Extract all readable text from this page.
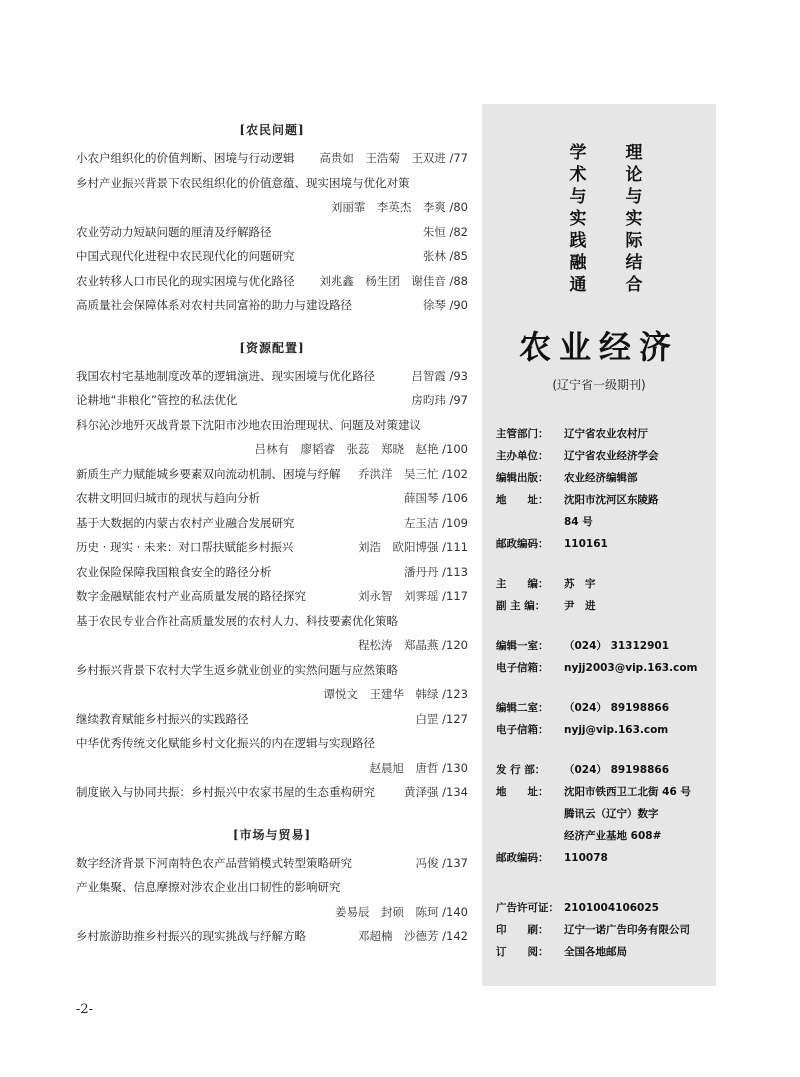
[农民问题]
小农户组织化的价值判断、困境与行动逻辑	高贵如　王浩菊　王双进 /77
乡村产业振兴背景下农民组织化的价值意蕴、现实困境与优化对策
刘丽霏　李英杰　李爽 /80
农业劳动力短缺问题的厘清及纾解路径	朱恒 /82
中国式现代化进程中农民现代化的问题研究	张林 /85
农业转移人口市民化的现实困境与优化路径	刘兆鑫　杨生团　谢佳音 /88
高质量社会保障体系对农村共同富裕的助力与建设路径	徐琴 /90
[资源配置]
我国农村宅基地制度改革的逻辑演进、现实困境与优化路径	吕智霞 /93
论耕地“非粮化”管控的私法优化	房昀玮 /97
科尔沁沙地歼灭战背景下沈阳市沙地农田治理现状、问题及对策建议
吕林有　廖韬睿　张蕊　郑晓　赵艳 /100
新质生产力赋能城乡要素双向流动机制、困境与纾解	乔洪洋　吴三忙 /102
农耕文明回归城市的现状与趋向分析	薛国琴 /106
基于大数据的内蒙古农村产业融合发展研究	左玉洁 /109
历史 · 现实 · 未来：对口帮扶赋能乡村振兴	刘浩　欧阳博强 /111
农业保险保障我国粮食安全的路径分析	潘丹丹 /113
数字金融赋能农村产业高质量发展的路径探究	刘永智　刘霁瑶 /117
基于农民专业合作社高质量发展的农村人力、科技要素优化策略
程松涛　郑晶燕 /120
乡村振兴背景下农村大学生返乡就业创业的实然问题与应然策略
谭悦文　王建华　韩绿 /123
继续教育赋能乡村振兴的实践路径	白罡 /127
中华优秀传统文化赋能乡村文化振兴的内在逻辑与实现路径
赵晨旭　唐哲 /130
制度嵌入与协同共振：乡村振兴中农家书屋的生态重构研究	黄泽强 /134
[市场与贸易]
数字经济背景下河南特色农产品营销模式转型策略研究	冯俊 /137
产业集聚、信息摩擦对涉农企业出口韧性的影响研究
姜易辰　封硕　陈珂 /140
乡村旅游助推乡村振兴的现实挑战与纾解方略	邓超楠　沙德芳 /142
理
论
与
实
际
结
合
学
术
与
实
践
融
通
农业经济
(辽宁省一级期刊)
主管部门： 辽宁省农业农村厅
主办单位： 辽宁省农业经济学会
编辑出版： 农业经济编辑部
地　　址： 沈阳市沈河区东陵路
84 号
邮政编码： 110161
主　　编： 苏　宇
副 主 编： 尹　进
编辑一室： （024） 31312901
电子信箱： nyjj2003@vip.163.com
编辑二室： （024） 89198866
电子信箱： nyjj@vip.163.com
发 行 部： （024） 89198866
地　　址： 沈阳市铁西卫工北街 46 号
腾讯云（辽宁）数字
经济产业基地 608#
邮政编码： 110078
广告许可证： 2101004106025
印　　刷： 辽宁一诺广告印务有限公司
订　　阅： 全国各地邮局
-2-
